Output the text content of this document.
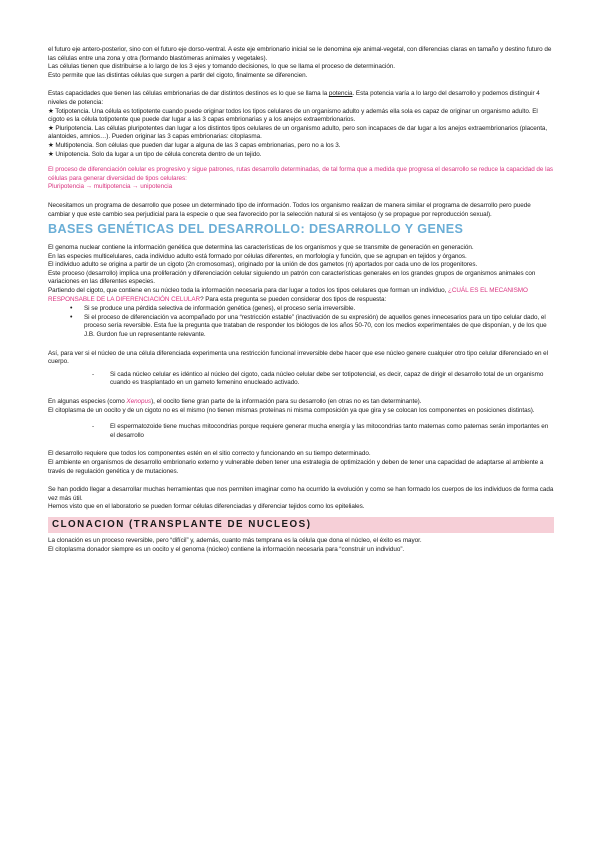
el futuro eje antero-posterior, sino con el futuro eje dorso-ventral. A este eje embrionario inicial se le denomina eje animal-vegetal, con diferencias claras en tamaño y destino futuro de las células entre una zona y otra (formando blastómeras animales y vegetales).

Las células tienen que distribuirse a lo largo de los 3 ejes y tomando decisiones, lo que se llama el proceso de determinación.

Esto permite que las distintas células que surgen a partir del cigoto, finalmente se diferencien.

Estas capacidades que tienen las células embrionarias de dar distintos destinos es lo que se llama la potencia. Esta potencia varía a lo largo del desarrollo y podemos distinguir 4 niveles de potencia:

★ Totipotencia. Una célula es totipotente cuando puede originar todos los tipos celulares de un organismo adulto y además ella sola es capaz de originar un organismo adulto. El cigoto es la célula totipotente que puede dar lugar a las 3 capas embrionarias y a los anejos extraembrionarios.
★ Pluripotencia. Las células pluripotentes dan lugar a los distintos tipos celulares de un organismo adulto, pero son incapaces de dar lugar a los anejos extraembrionarios (placenta, alantoides, amnios…). Pueden originar las 3 capas embrionarias: citoplasma.
★ Multipotencia. Son células que pueden dar lugar a alguna de las 3 capas embrionarias, pero no a los 3.
★ Unipotencia. Solo da lugar a un tipo de célula concreta dentro de un tejido.

El proceso de diferenciación celular es progresivo y sigue patrones, rutas desarrollo determinadas, de tal forma que a medida que progresa el desarrollo se reduce la capacidad de las células para generar diversidad de tipos celulares:

Pluripotencia → multipotencia → unipotencia

Necesitamos un programa de desarrollo que posee un determinado tipo de información. Todos los organismo realizan de manera similar el programa de desarrollo pero puede cambiar y que este cambio sea perjudicial para la especie o que sea favorecido por la selección natural si es ventajoso (y se propague por reproducción sexual).

BASES GENÉTICAS DEL DESARROLLO: DESARROLLO Y GENES

El genoma nuclear contiene la información genética que determina las características de los organismos y que se transmite de generación en generación.

En las especies multicelulares, cada individuo adulto está formado por células diferentes, en morfología y función, que se agrupan en tejidos y órganos.

El individuo adulto se origina a partir de un cigoto (2n cromosomas), originado por la unión de dos gametos (n) aportados por cada uno de los progenitores.

Este proceso (desarrollo) implica una proliferación y diferenciación celular siguiendo un patrón con características generales en los grandes grupos de organismos animales con variaciones en las diferentes especies.

Partiendo del cigoto, que contiene en su núcleo toda la información necesaria para dar lugar a todos los tipos celulares que forman un individuo, ¿CUÁL ES EL MECANISMO RESPONSABLE DE LA DIFERENCIACIÓN CELULAR? Para esta pregunta se pueden considerar dos tipos de respuesta:

• Si se produce una pérdida selectiva de información genética (genes), el proceso sería irreversible.
• Si el proceso de diferenciación va acompañado por una “restricción estable” (inactivación de su expresión) de aquellos genes innecesarios para un tipo celular dado, el proceso sería reversible. Esta fue la pregunta que trataban de responder los biólogos de los años 50-70, con los medios experimentales de que disponían, y de los que J.B. Gurdon fue un representante relevante.

Así, para ver si el núcleo de una célula diferenciada experimenta una restricción funcional irreversible debe hacer que ese núcleo genere cualquier otro tipo celular diferenciado en el cuerpo.

- Si cada núcleo celular es idéntico al núcleo del cigoto, cada núcleo celular debe ser totipotencial, es decir, capaz de dirigir el desarrollo total de un organismo cuando es trasplantado en un gameto femenino enucleado activado.

En algunas especies (como Xenopus), el oocito tiene gran parte de la información para su desarrollo (en otras no es tan determinante).

El citoplasma de un oocito y de un cigoto no es el mismo (no tienen mismas proteínas ni misma composición ya que gira y se colocan los componentes en posiciones distintas).

- El espermatozoide tiene muchas mitocondrias porque requiere generar mucha energía y las mitocondrias tanto maternas como paternas serán importantes en el desarrollo

El desarrollo requiere que todos los componentes estén en el sitio correcto y funcionando en su tiempo determinado.

El ambiente en organismos de desarrollo embrionario externo y vulnerable deben tener una estrategia de optimización y deben de tener una capacidad de adaptarse al ambiente a través de regulación genética y de mutaciones.

Se han podido llegar a desarrollar muchas herramientas que nos permiten imaginar como ha ocurrido la evolución y como se han formado los cuerpos de los individuos de forma cada vez más útil.

Hemos visto que en el laboratorio se pueden formar células diferenciadas y diferenciar tejidos como los epiteliales.

CLONACION (TRANSPLANTE DE NUCLEOS)

La clonación es un proceso reversible, pero “difícil” y, además, cuanto más temprana es la célula que dona el núcleo, el éxito es mayor.

El citoplasma donador siempre es un oocito y el genoma (núcleo) contiene la información necesaria para “construir un individuo”.
